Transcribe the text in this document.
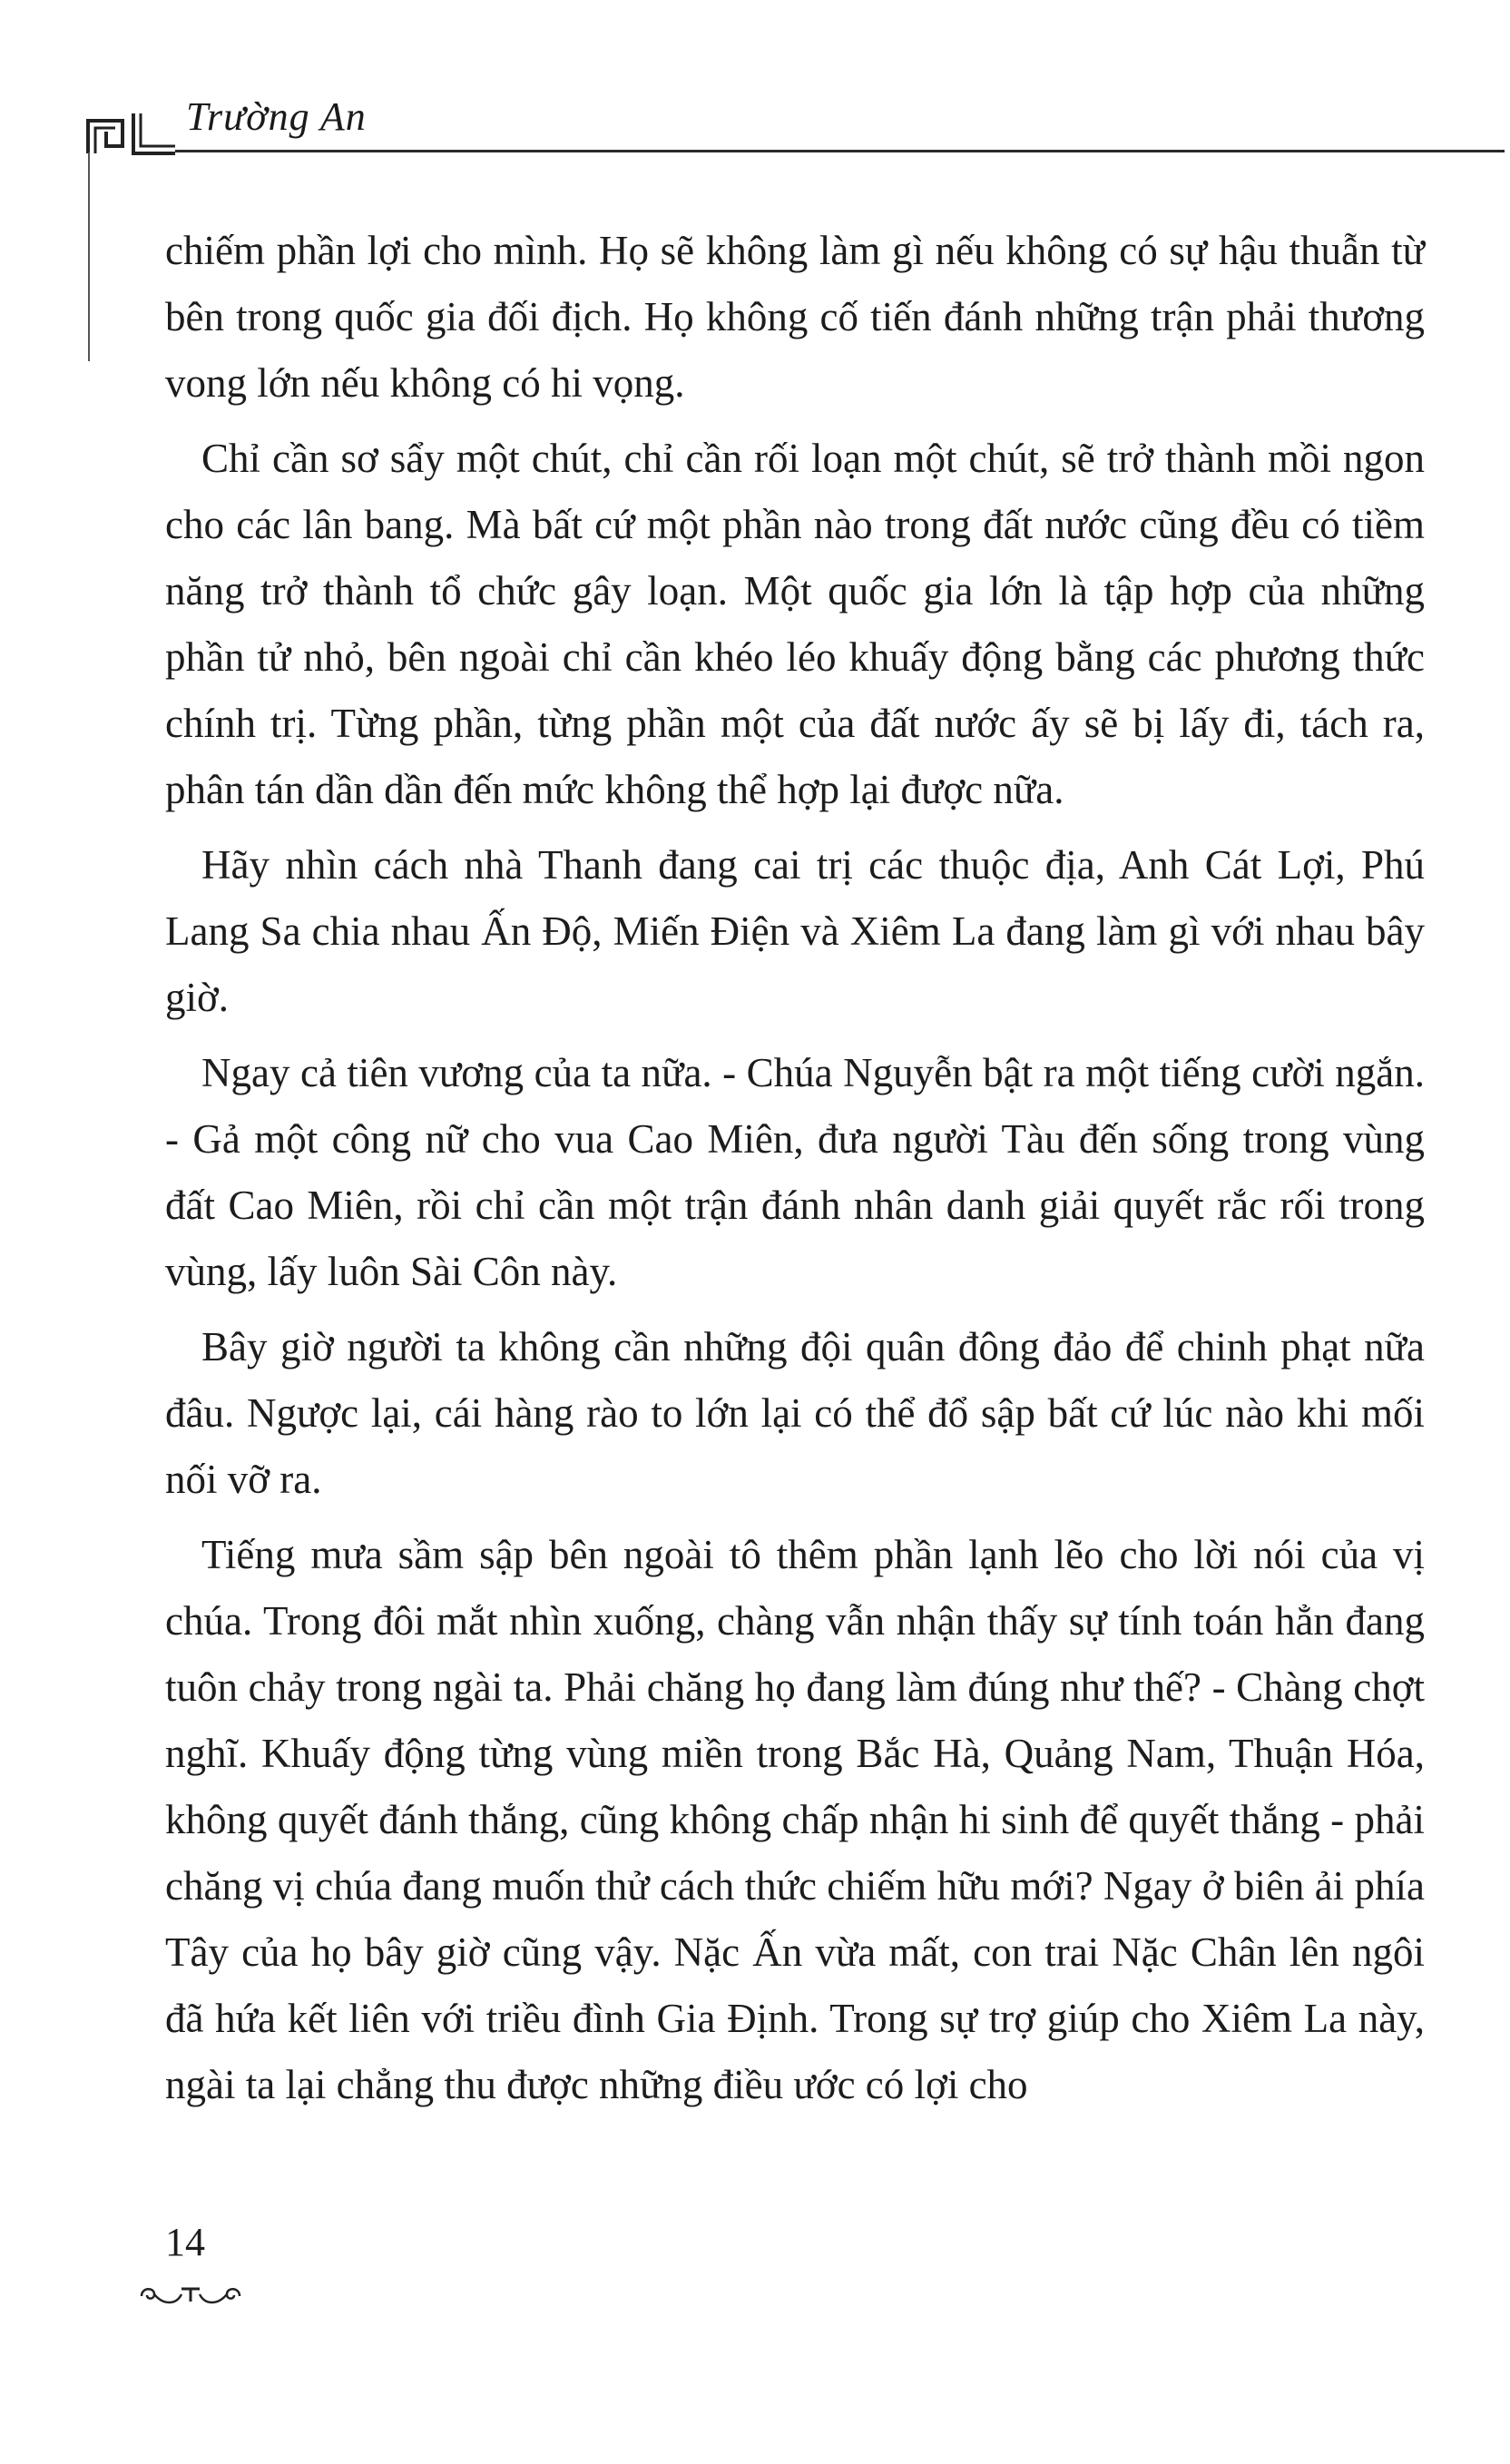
Trường An

chiếm phần lợi cho mình. Họ sẽ không làm gì nếu không có sự hậu thuẫn từ bên trong quốc gia đối địch. Họ không cố tiến đánh những trận phải thương vong lớn nếu không có hi vọng.

Chỉ cần sơ sẩy một chút, chỉ cần rối loạn một chút, sẽ trở thành mồi ngon cho các lân bang. Mà bất cứ một phần nào trong đất nước cũng đều có tiềm năng trở thành tổ chức gây loạn. Một quốc gia lớn là tập hợp của những phần tử nhỏ, bên ngoài chỉ cần khéo léo khuấy động bằng các phương thức chính trị. Từng phần, từng phần một của đất nước ấy sẽ bị lấy đi, tách ra, phân tán dần dần đến mức không thể hợp lại được nữa.

Hãy nhìn cách nhà Thanh đang cai trị các thuộc địa, Anh Cát Lợi, Phú Lang Sa chia nhau Ấn Độ, Miến Điện và Xiêm La đang làm gì với nhau bây giờ.

Ngay cả tiên vương của ta nữa. - Chúa Nguyễn bật ra một tiếng cười ngắn. - Gả một công nữ cho vua Cao Miên, đưa người Tàu đến sống trong vùng đất Cao Miên, rồi chỉ cần một trận đánh nhân danh giải quyết rắc rối trong vùng, lấy luôn Sài Côn này.

Bây giờ người ta không cần những đội quân đông đảo để chinh phạt nữa đâu. Ngược lại, cái hàng rào to lớn lại có thể đổ sập bất cứ lúc nào khi mối nối vỡ ra.

Tiếng mưa sầm sập bên ngoài tô thêm phần lạnh lẽo cho lời nói của vị chúa. Trong đôi mắt nhìn xuống, chàng vẫn nhận thấy sự tính toán hẳn đang tuôn chảy trong ngài ta. Phải chăng họ đang làm đúng như thế? - Chàng chợt nghĩ. Khuấy động từng vùng miền trong Bắc Hà, Quảng Nam, Thuận Hóa, không quyết đánh thắng, cũng không chấp nhận hi sinh để quyết thắng - phải chăng vị chúa đang muốn thử cách thức chiếm hữu mới? Ngay ở biên ải phía Tây của họ bây giờ cũng vậy. Nặc Ấn vừa mất, con trai Nặc Chân lên ngôi đã hứa kết liên với triều đình Gia Định. Trong sự trợ giúp cho Xiêm La này, ngài ta lại chẳng thu được những điều ước có lợi cho

14
